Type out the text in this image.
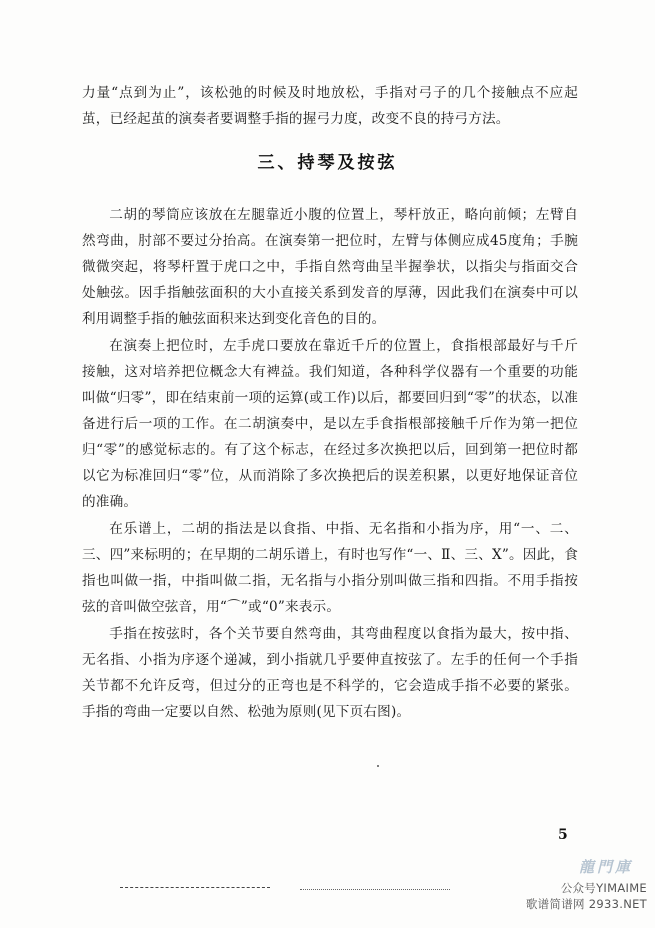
力量“点到为止”，该松弛的时候及时地放松，手指对弓子的几个接触点不应起茧，已经起茧的演奏者要调整手指的握弓力度，改变不良的持弓方法。

三、持琴及按弦

二胡的琴筒应该放在左腿靠近小腹的位置上，琴杆放正，略向前倾；左臂自然弯曲，肘部不要过分抬高。在演奏第一把位时，左臂与体侧应成45度角；手腕微微突起，将琴杆置于虎口之中，手指自然弯曲呈半握拳状，以指尖与指面交合处触弦。因手指触弦面积的大小直接关系到发音的厚薄，因此我们在演奏中可以利用调整手指的触弦面积来达到变化音色的目的。

在演奏上把位时，左手虎口要放在靠近千斤的位置上，食指根部最好与千斤接触，这对培养把位概念大有裨益。我们知道，各种科学仪器有一个重要的功能叫做“归零”，即在结束前一项的运算(或工作)以后，都要回归到“零”的状态，以准备进行后一项的工作。在二胡演奏中，是以左手食指根部接触千斤作为第一把位归“零”的感觉标志的。有了这个标志，在经过多次换把以后，回到第一把位时都以它为标准回归“零”位，从而消除了多次换把后的误差积累，以更好地保证音位的准确。

在乐谱上，二胡的指法是以食指、中指、无名指和小指为序，用“一、二、三、四”来标明的；在早期的二胡乐谱上，有时也写作“一、Ⅱ、三、X”。因此，食指也叫做一指，中指叫做二指，无名指与小指分别叫做三指和四指。不用手指按弦的音叫做空弦音，用“⌒”或“0”来表示。

手指在按弦时，各个关节要自然弯曲，其弯曲程度以食指为最大，按中指、无名指、小指为序逐个递减，到小指就几乎要伸直按弦了。左手的任何一个手指关节都不允许反弯，但过分的正弯也是不科学的，它会造成手指不必要的紧张。手指的弯曲一定要以自然、松弛为原则(见下页右图)。

5
龍門庫
公众号YIMAIME
歌谱简谱网 2933.NET
